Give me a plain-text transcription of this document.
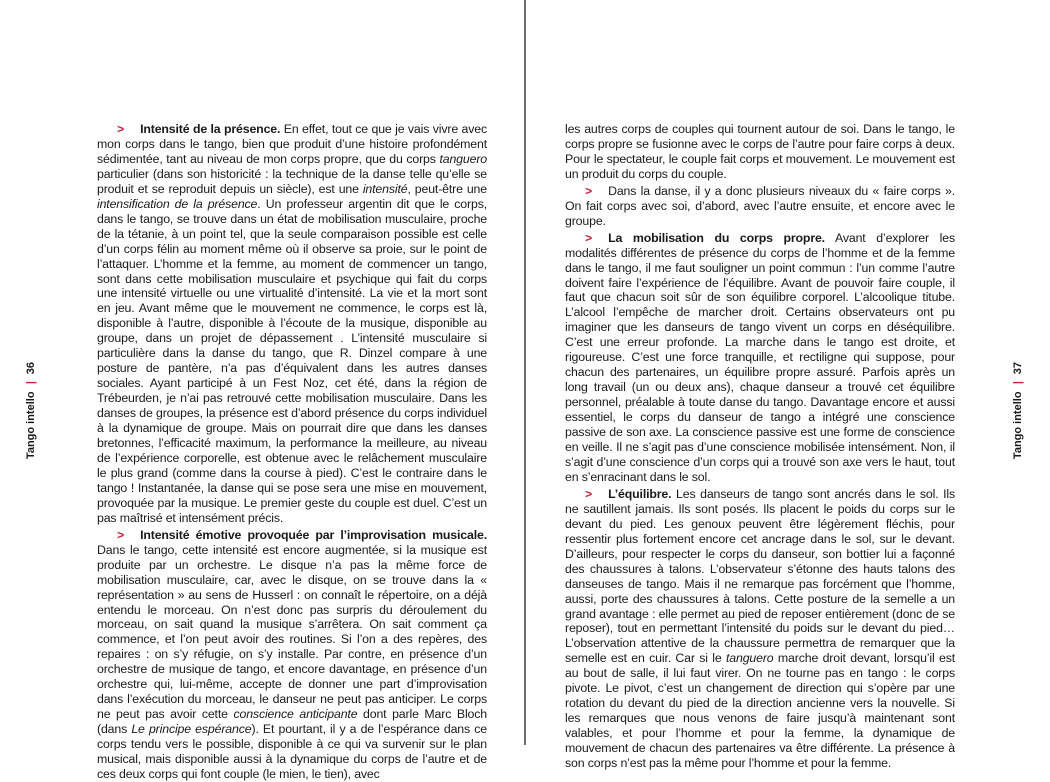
Tango intello | 36

> Intensité de la présence. En effet, tout ce que je vais vivre avec mon corps dans le tango, bien que produit d’une histoire profondément sédimentée, tant au niveau de mon corps propre, que du corps tanguero particulier (dans son historicité : la technique de la danse telle qu’elle se produit et se reproduit depuis un siècle), est une intensité, peut-être une intensification de la présence. Un professeur argentin dit que le corps, dans le tango, se trouve dans un état de mobilisation musculaire, proche de la tétanie, à un point tel, que la seule comparaison possible est celle d’un corps félin au moment même où il observe sa proie, sur le point de l’attaquer. L’homme et la femme, au moment de commencer un tango, sont dans cette mobilisation musculaire et psychique qui fait du corps une intensité virtuelle ou une virtualité d’intensité. La vie et la mort sont en jeu. Avant même que le mouvement ne commence, le corps est là, disponible à l’autre, disponible à l’écoute de la musique, disponible au groupe, dans un projet de dépassement . L’intensité musculaire si particulière dans la danse du tango, que R. Dinzel compare à une posture de pantère, n’a pas d’équivalent dans les autres danses sociales. Ayant participé à un Fest Noz, cet été, dans la région de Trébeurden, je n’ai pas retrouvé cette mobilisation musculaire. Dans les danses de groupes, la présence est d’abord présence du corps individuel à la dynamique de groupe. Mais on pourrait dire que dans les danses bretonnes, l’efficacité maximum, la performance la meilleure, au niveau de l’expérience corporelle, est obtenue avec le relâchement musculaire le plus grand (comme dans la course à pied). C’est le contraire dans le tango ! Instantanée, la danse qui se pose sera une mise en mouvement, provoquée par la musique. Le premier geste du couple est duel. C’est un pas maîtrisé et intensément précis.

> Intensité émotive provoquée par l’improvisation musicale. Dans le tango, cette intensité est encore augmentée, si la musique est produite par un orchestre. Le disque n’a pas la même force de mobilisation musculaire, car, avec le disque, on se trouve dans la « représentation » au sens de Husserl : on connaît le répertoire, on a déjà entendu le morceau. On n’est donc pas surpris du déroulement du morceau, on sait quand la musique s’arrêtera. On sait comment ça commence, et l’on peut avoir des routines. Si l’on a des repères, des repaires : on s’y réfugie, on s’y installe. Par contre, en présence d’un orchestre de musique de tango, et encore davantage, en présence d’un orchestre qui, lui-même, accepte de donner une part d’improvisation dans l’exécution du morceau, le danseur ne peut pas anticiper. Le corps ne peut pas avoir cette conscience anticipante dont parle Marc Bloch (dans Le principe espérance). Et pourtant, il y a de l’espérance dans ce corps tendu vers le possible, disponible à ce qui va survenir sur le plan musical, mais disponible aussi à la dynamique du corps de l’autre et de ces deux corps qui font couple (le mien, le tien), avec

Tango intello | 37

les autres corps de couples qui tournent autour de soi. Dans le tango, le corps propre se fusionne avec le corps de l’autre pour faire corps à deux. Pour le spectateur, le couple fait corps et mouvement. Le mouvement est un produit du corps du couple.

> Dans la danse, il y a donc plusieurs niveaux du « faire corps ». On fait corps avec soi, d’abord, avec l’autre ensuite, et encore avec le groupe.

> La mobilisation du corps propre. Avant d’explorer les modalités différentes de présence du corps de l’homme et de la femme dans le tango, il me faut souligner un point commun : l’un comme l’autre doivent faire l’expérience de l’équilibre. Avant de pouvoir faire couple, il faut que chacun soit sûr de son équilibre corporel. L’alcoolique titube. L’alcool l’empêche de marcher droit. Certains observateurs ont pu imaginer que les danseurs de tango vivent un corps en déséquilibre. C’est une erreur profonde. La marche dans le tango est droite, et rigoureuse. C’est une force tranquille, et rectiligne qui suppose, pour chacun des partenaires, un équilibre propre assuré. Parfois après un long travail (un ou deux ans), chaque danseur a trouvé cet équilibre personnel, préalable à toute danse du tango. Davantage encore et aussi essentiel, le corps du danseur de tango a intégré une conscience passive de son axe. La conscience passive est une forme de conscience en veille. Il ne s’agit pas d’une conscience mobilisée intensément. Non, il s’agit d’une conscience d’un corps qui a trouvé son axe vers le haut, tout en s’enracinant dans le sol.

> L’équilibre. Les danseurs de tango sont ancrés dans le sol. Ils ne sautillent jamais. Ils sont posés. Ils placent le poids du corps sur le devant du pied. Les genoux peuvent être légèrement fléchis, pour ressentir plus fortement encore cet ancrage dans le sol, sur le devant. D’ailleurs, pour respecter le corps du danseur, son bottier lui a façonné des chaussures à talons. L’observateur s’étonne des hauts talons des danseuses de tango. Mais il ne remarque pas forcément que l’homme, aussi, porte des chaussures à talons. Cette posture de la semelle a un grand avantage : elle permet au pied de reposer entièrement (donc de se reposer), tout en permettant l’intensité du poids sur le devant du pied… L’observation attentive de la chaussure permettra de remarquer que la semelle est en cuir. Car si le tanguero marche droit devant, lorsqu’il est au bout de salle, il lui faut virer. On ne tourne pas en tango : le corps pivote. Le pivot, c’est un changement de direction qui s’opère par une rotation du devant du pied de la direction ancienne vers la nouvelle. Si les remarques que nous venons de faire jusqu’à maintenant sont valables, et pour l’homme et pour la femme, la dynamique de mouvement de chacun des partenaires va être différente. La présence à son corps n’est pas la même pour l’homme et pour la femme.
